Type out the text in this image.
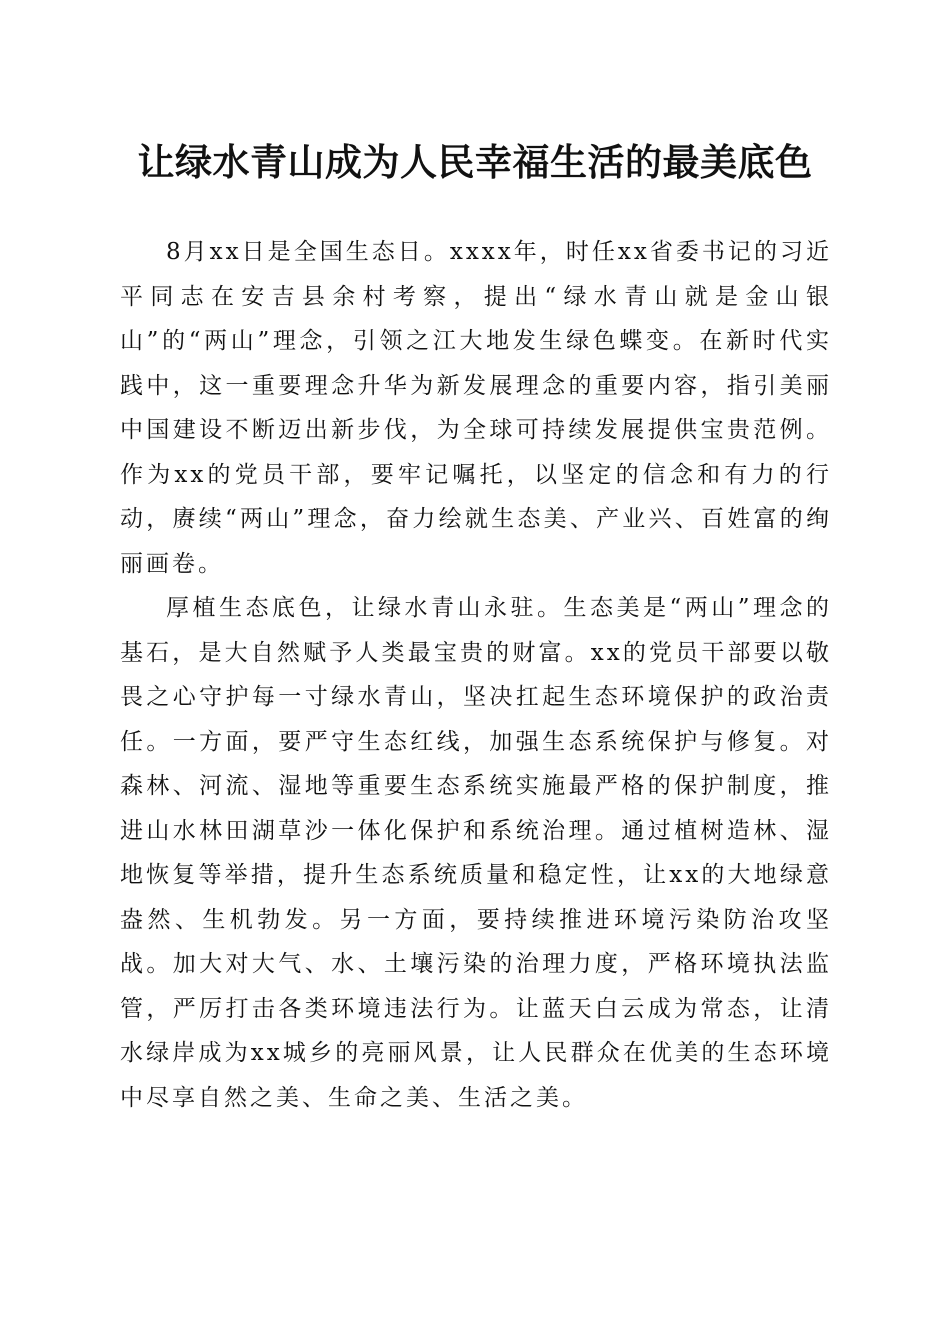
让绿水青山成为人民幸福生活的最美底色

8月xx日是全国生态日。xxxx年，时任xx省委书记的习近平同志在安吉县余村考察，提出“绿水青山就是金山银山”的“两山”理念，引领之江大地发生绿色蝶变。在新时代实践中，这一重要理念升华为新发展理念的重要内容，指引美丽中国建设不断迈出新步伐，为全球可持续发展提供宝贵范例。作为xx的党员干部，要牢记嘱托，以坚定的信念和有力的行动，赓续“两山”理念，奋力绘就生态美、产业兴、百姓富的绚丽画卷。

厚植生态底色，让绿水青山永驻。生态美是“两山”理念的基石，是大自然赋予人类最宝贵的财富。xx的党员干部要以敬畏之心守护每一寸绿水青山，坚决扛起生态环境保护的政治责任。一方面，要严守生态红线，加强生态系统保护与修复。对森林、河流、湿地等重要生态系统实施最严格的保护制度，推进山水林田湖草沙一体化保护和系统治理。通过植树造林、湿地恢复等举措，提升生态系统质量和稳定性，让xx的大地绿意盎然、生机勃发。另一方面，要持续推进环境污染防治攻坚战。加大对大气、水、土壤污染的治理力度，严格环境执法监管，严厉打击各类环境违法行为。让蓝天白云成为常态，让清水绿岸成为xx城乡的亮丽风景，让人民群众在优美的生态环境中尽享自然之美、生命之美、生活之美。
